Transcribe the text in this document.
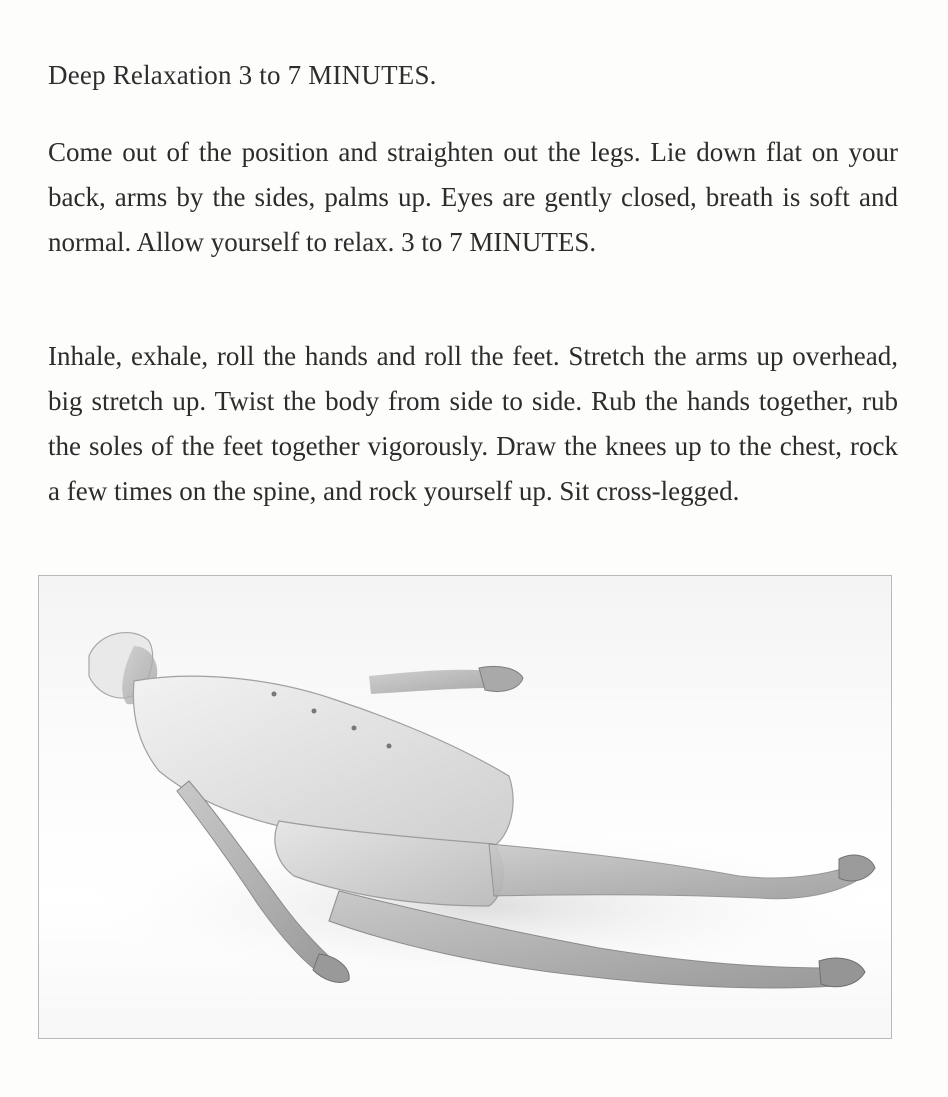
Deep Relaxation 3 to 7 MINUTES.

Come out of the position and straighten out the legs. Lie down flat on your back, arms by the sides, palms up. Eyes are gently closed, breath is soft and normal. Allow yourself to relax. 3 to 7 MINUTES.

Inhale, exhale, roll the hands and roll the feet. Stretch the arms up overhead, big stretch up. Twist the body from side to side. Rub the hands together, rub the soles of the feet together vigorously. Draw the knees up to the chest, rock a few times on the spine, and rock yourself up. Sit cross-legged.
